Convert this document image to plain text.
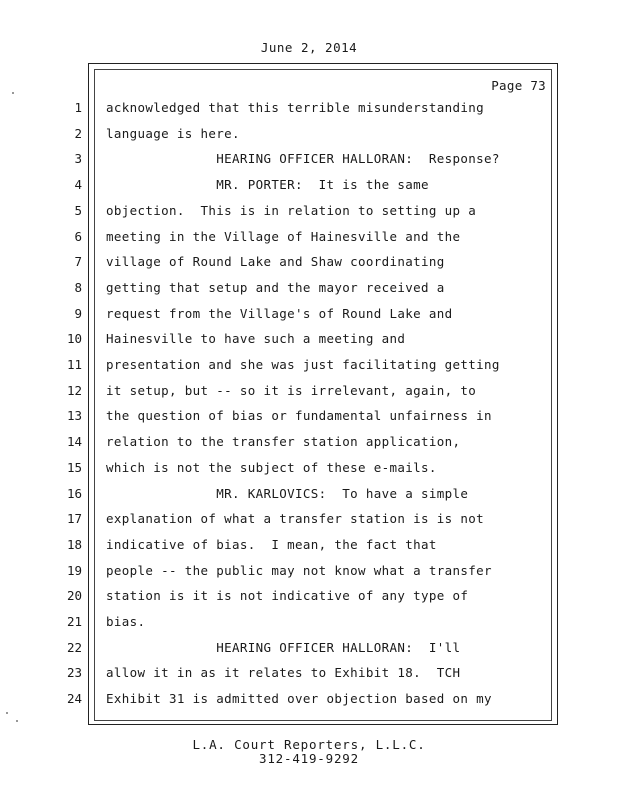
June 2, 2014
Page 73
1 acknowledged that this terrible misunderstanding
2 language is here.
3 HEARING OFFICER HALLORAN:  Response?
4 MR. PORTER:  It is the same
5 objection.  This is in relation to setting up a
6 meeting in the Village of Hainesville and the
7 village of Round Lake and Shaw coordinating
8 getting that setup and the mayor received a
9 request from the Village's of Round Lake and
10 Hainesville to have such a meeting and
11 presentation and she was just facilitating getting
12 it setup, but -- so it is irrelevant, again, to
13 the question of bias or fundamental unfairness in
14 relation to the transfer station application,
15 which is not the subject of these e-mails.
16 MR. KARLOVICS:  To have a simple
17 explanation of what a transfer station is is not
18 indicative of bias.  I mean, the fact that
19 people -- the public may not know what a transfer
20 station is it is not indicative of any type of
21 bias.
22 HEARING OFFICER HALLORAN:  I'll
23 allow it in as it relates to Exhibit 18.  TCH
24 Exhibit 31 is admitted over objection based on my
L.A. Court Reporters, L.L.C.
312-419-9292
